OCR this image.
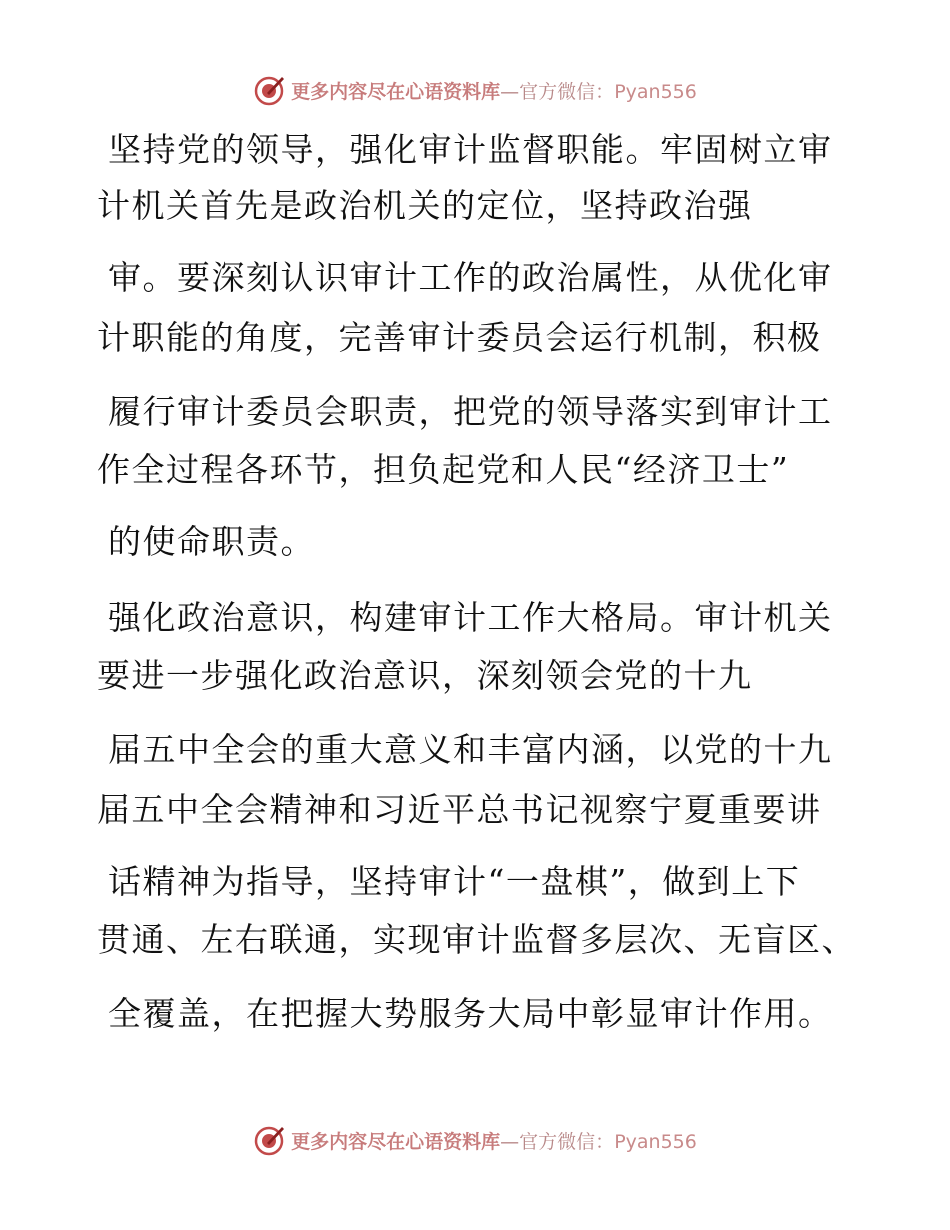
更多内容尽在心语资料库—官方微信：Pyan556
坚持党的领导，强化审计监督职能。牢固树立审
计机关首先是政治机关的定位，坚持政治强
审。要深刻认识审计工作的政治属性，从优化审
计职能的角度，完善审计委员会运行机制，积极
履行审计委员会职责，把党的领导落实到审计工
作全过程各环节，担负起党和人民“经济卫士”
的使命职责。
强化政治意识，构建审计工作大格局。审计机关
要进一步强化政治意识，深刻领会党的十九
届五中全会的重大意义和丰富内涵，以党的十九
届五中全会精神和习近平总书记视察宁夏重要讲
话精神为指导，坚持审计“一盘棋”，做到上下
贯通、左右联通，实现审计监督多层次、无盲区、
全覆盖，在把握大势服务大局中彰显审计作用。
更多内容尽在心语资料库—官方微信：Pyan556
